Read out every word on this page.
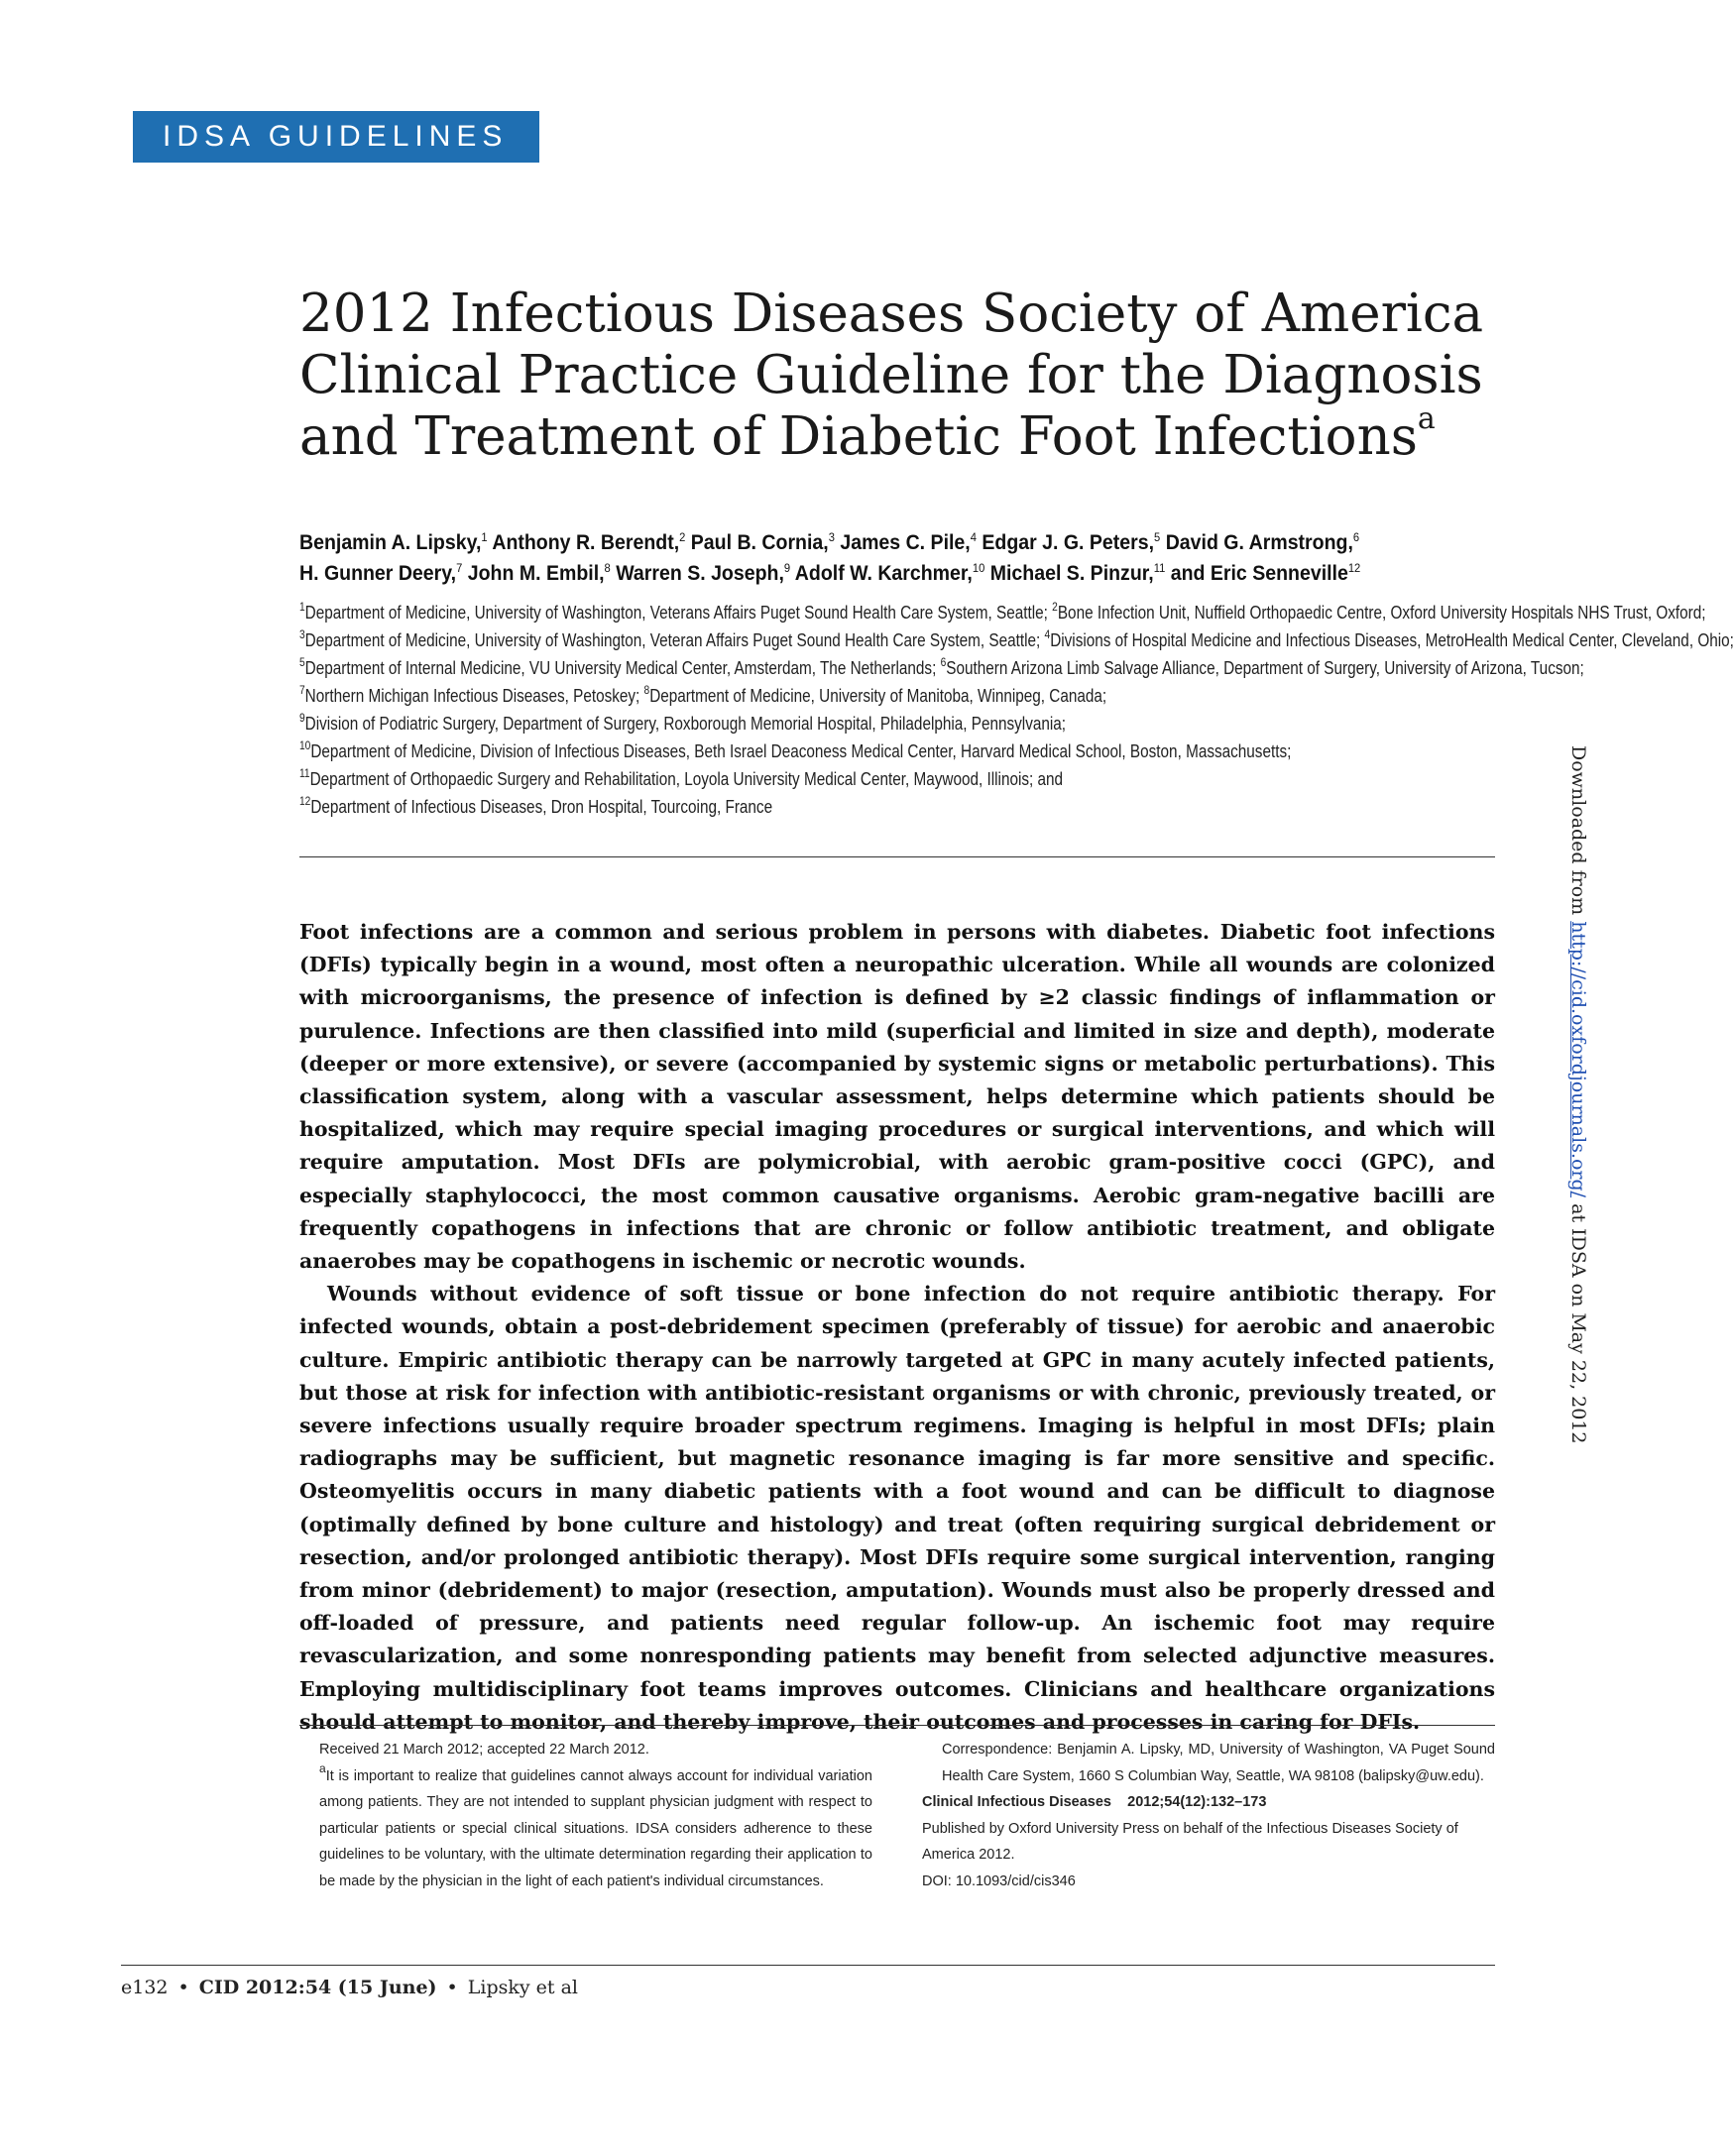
IDSA GUIDELINES
2012 Infectious Diseases Society of America
Clinical Practice Guideline for the Diagnosis
and Treatment of Diabetic Foot Infections$^a$
Benjamin A. Lipsky,$^1$ Anthony R. Berendt,$^2$ Paul B. Cornia,$^3$ James C. Pile,$^4$ Edgar J. G. Peters,$^5$ David G. Armstrong,$^6$
H. Gunner Deery,$^7$ John M. Embil,$^8$ Warren S. Joseph,$^9$ Adolf W. Karchmer,$^{10}$ Michael S. Pinzur,$^{11}$ and Eric Senneville$^{12}$
$^1$Department of Medicine, University of Washington, Veterans Affairs Puget Sound Health Care System, Seattle; $^2$Bone Infection Unit, Nuffield Orthopaedic Centre, Oxford University Hospitals NHS Trust, Oxford;
$^3$Department of Medicine, University of Washington, Veteran Affairs Puget Sound Health Care System, Seattle; $^4$Divisions of Hospital Medicine and Infectious Diseases, MetroHealth Medical Center, Cleveland, Ohio;
$^5$Department of Internal Medicine, VU University Medical Center, Amsterdam, The Netherlands; $^6$Southern Arizona Limb Salvage Alliance, Department of Surgery, University of Arizona, Tucson;
$^7$Northern Michigan Infectious Diseases, Petoskey; $^8$Department of Medicine, University of Manitoba, Winnipeg, Canada;
$^9$Division of Podiatric Surgery, Department of Surgery, Roxborough Memorial Hospital, Philadelphia, Pennsylvania;
$^{10}$Department of Medicine, Division of Infectious Diseases, Beth Israel Deaconess Medical Center, Harvard Medical School, Boston, Massachusetts;
$^{11}$Department of Orthopaedic Surgery and Rehabilitation, Loyola University Medical Center, Maywood, Illinois; and
$^{12}$Department of Infectious Diseases, Dron Hospital, Tourcoing, France

Foot infections are a common and serious problem in persons with diabetes. Diabetic foot infections (DFIs) typically begin in a wound, most often a neuropathic ulceration. While all wounds are colonized with microorganisms, the presence of infection is defined by ≥2 classic findings of inflammation or purulence. Infections are then classified into mild (superficial and limited in size and depth), moderate (deeper or more extensive), or severe (accompanied by systemic signs or metabolic perturbations). This classification system, along with a vascular assessment, helps determine which patients should be hospitalized, which may require special imaging procedures or surgical interventions, and which will require amputation. Most DFIs are polymicrobial, with aerobic gram-positive cocci (GPC), and especially staphylococci, the most common causative organisms. Aerobic gram-negative bacilli are frequently copathogens in infections that are chronic or follow antibiotic treatment, and obligate anaerobes may be copathogens in ischemic or necrotic wounds.

Wounds without evidence of soft tissue or bone infection do not require antibiotic therapy. For infected wounds, obtain a post-debridement specimen (preferably of tissue) for aerobic and anaerobic culture. Empiric antibiotic therapy can be narrowly targeted at GPC in many acutely infected patients, but those at risk for infection with antibiotic-resistant organisms or with chronic, previously treated, or severe infections usually require broader spectrum regimens. Imaging is helpful in most DFIs; plain radiographs may be sufficient, but magnetic resonance imaging is far more sensitive and specific. Osteomyelitis occurs in many diabetic patients with a foot wound and can be difficult to diagnose (optimally defined by bone culture and histology) and treat (often requiring surgical debridement or resection, and/or prolonged antibiotic therapy). Most DFIs require some surgical intervention, ranging from minor (debridement) to major (resection, amputation). Wounds must also be properly dressed and off-loaded of pressure, and patients need regular follow-up. An ischemic foot may require revascularization, and some nonresponding patients may benefit from selected adjunctive measures. Employing multidisciplinary foot teams improves outcomes. Clinicians and healthcare organizations should attempt to monitor, and thereby improve, their outcomes and processes in caring for DFIs.

Received 21 March 2012; accepted 22 March 2012.

$^a$It is important to realize that guidelines cannot always account for individual variation among patients. They are not intended to supplant physician judgment with respect to particular patients or special clinical situations. IDSA considers adherence to these guidelines to be voluntary, with the ultimate determination regarding their application to be made by the physician in the light of each patient's individual circumstances.

Correspondence: Benjamin A. Lipsky, MD, University of Washington, VA Puget Sound Health Care System, 1660 S Columbian Way, Seattle, WA 98108 (balipsky@uw.edu).

Clinical Infectious Diseases 2012;54(12):132–173

Published by Oxford University Press on behalf of the Infectious Diseases Society of America 2012.

DOI: 10.1093/cid/cis346

e132 • CID 2012:54 (15 June) • Lipsky et al
Downloaded from http://cid.oxfordjournals.org/ at IDSA on May 22, 2012
